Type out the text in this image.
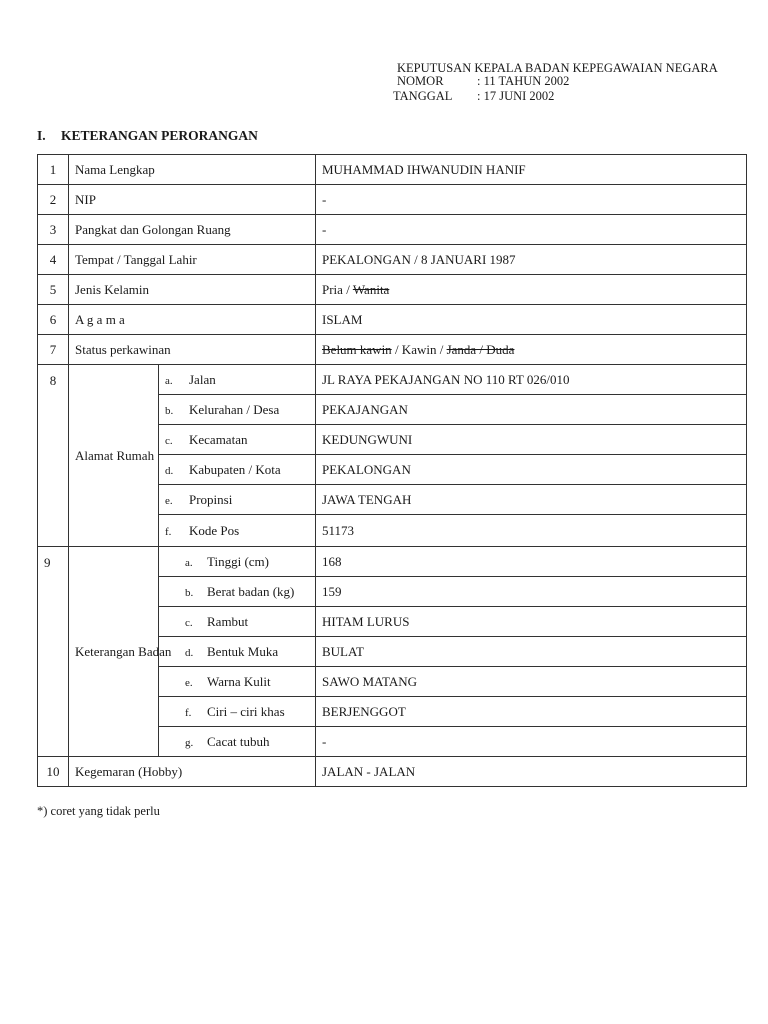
KEPUTUSAN KEPALA BADAN KEPEGAWAIAN NEGARA
NOMOR	: 11 TAHUN 2002
TANGGAL : 17 JUNI 2002
I. KETERANGAN PERORANGAN
1	Nama Lengkap		MUHAMMAD IHWANUDIN HANIF
2	NIP		-
3	Pangkat dan Golongan Ruang		-
4	Tempat / Tanggal Lahir		PEKALONGAN / 8 JANUARI 1987
5	Jenis Kelamin		Pria / Wanita
6	A g a m a		ISLAM
7	Status perkawinan		Belum kawin / Kawin / Janda / Duda
8	Alamat Rumah	a. Jalan	JL RAYA PEKAJANGAN NO 110 RT 026/010
		b. Kelurahan / Desa	PEKAJANGAN
		c. Kecamatan	KEDUNGWUNI
		d. Kabupaten / Kota	PEKALONGAN
		e. Propinsi	JAWA TENGAH
		f. Kode Pos	51173
9	Keterangan Badan	a. Tinggi (cm)	168
		b. Berat badan (kg)	159
		c. Rambut	HITAM LURUS
		d. Bentuk Muka	BULAT
		e. Warna Kulit	SAWO MATANG
		f. Ciri – ciri khas	BERJENGGOT
		g. Cacat tubuh	-
10	Kegemaran (Hobby)		JALAN - JALAN
*) coret yang tidak perlu
